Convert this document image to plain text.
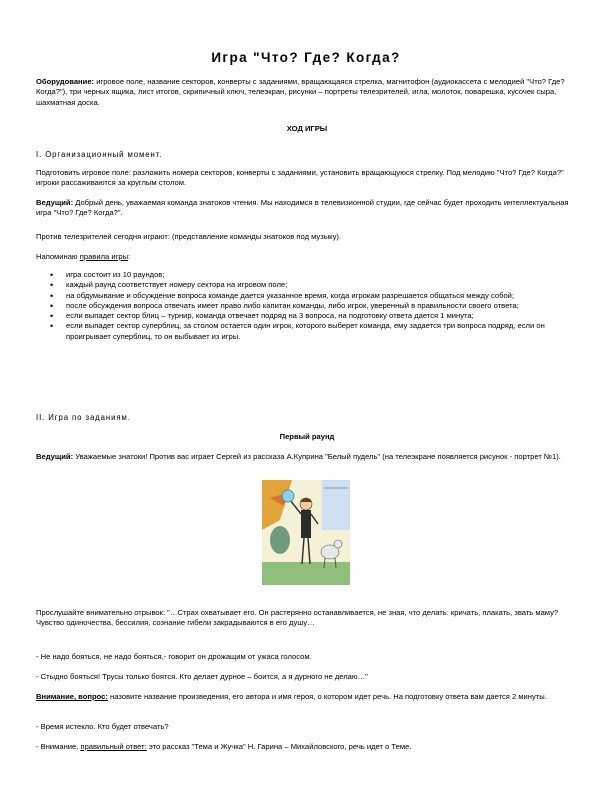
Игра "Что? Где? Когда?
Оборудование: игровое поле, название секторов, конверты с заданиями, вращающаяся стрелка, магнитофон (аудиокассета с мелодией "Что? Где? Когда?"), три черных ящика, лист итогов, скрипичный ключ, телеэкран, рисунки – портреты телезрителей, игла, молоток, поварешка, кусочек сыра, шахматная доска.
ХОД ИГРЫ
I. Организационный момент.
Подготовить игровое поле: разложить номера секторов, конверты с заданиями, установить вращающуюся стрелку. Под мелодию "Что? Где? Когда?" игроки рассаживаются за круглым столом.
Ведущий: Добрый день, уважаемая команда знатоков чтения. Мы находимся в телевизионной студии, где сейчас будет проходить интеллектуальная игра "Что? Где? Когда?".
Против телезрителей сегодня играют: (представление команды знатоков под музыку).
Напоминаю правила игры:
• игра состоит из 10 раундов;
• каждый раунд соответствует номеру сектора на игровом поле;
• на обдумывание и обсуждение вопроса команде дается указанное время, когда игрокам разрешается общаться между собой;
• после обсуждения вопроса отвечать имеет право либо капитан команды, либо игрок, уверенный в правильности своего ответа;
• если выпадет сектор блиц – турнир, команда отвечает подряд на 3 вопроса, на подготовку ответа дается 1 минута;
• если выпадет сектор суперблиц, за столом остается один игрок, которого выберет команда, ему задается три вопроса подряд, если он проигрывает суперблиц, то он выбывает из игры.
II. Игра по заданиям.
Первый раунд
Ведущий: Уважаемые знатоки! Против вас играет Сергей из рассказа А.Куприна "Белый пудель" (на телеэкране появляется рисунок - портрет №1).
Прослушайте внимательно отрывок: "…Страх охватывает его. Он растерянно останавливается, не зная, что делать: кричать, плакать, звать маму? Чувство одиночества, бессилия, сознание гибели закрадываются в его душу…
- Не надо бояться, не надо бояться,- говорит он дрожащим от ужаса голосом.
- Стыдно бояться! Трусы только боятся. Кто делает дурное – боится, а я дурного не делаю…"
Внимание, вопрос: назовите название произведения, его автора и имя героя, о котором идет речь. На подготовку ответа вам дается 2 минуты.
- Время истекло. Кто будет отвечать?
- Внимание, правильный ответ: это рассказ "Тема и Жучка" Н. Гарина – Михайловского, речь идет о Теме.
